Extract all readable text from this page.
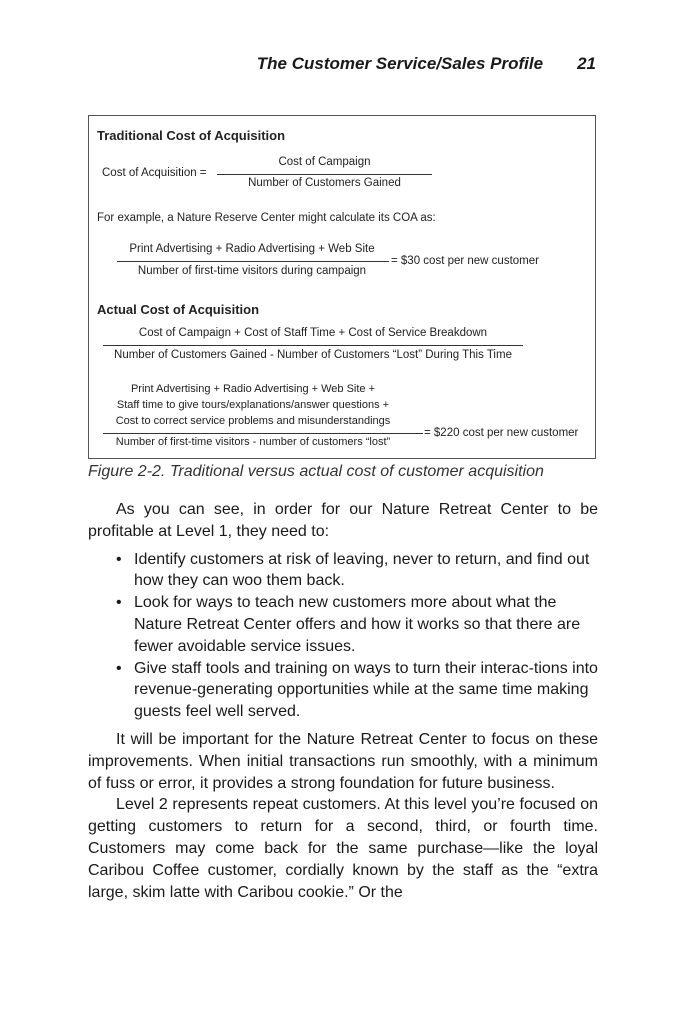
The Customer Service/Sales Profile 21
Traditional Cost of Acquisition
Cost of Acquisition =
Cost of Campaign
Number of Customers Gained
For example, a Nature Reserve Center might calculate its COA as:
Print Advertising + Radio Advertising + Web Site
Number of first-time visitors during campaign
= $30 cost per new customer
Actual Cost of Acquisition
Cost of Campaign + Cost of Staff Time + Cost of Service Breakdown
Number of Customers Gained - Number of Customers “Lost” During This Time
Print Advertising + Radio Advertising + Web Site +
Staff time to give tours/explanations/answer questions +
Cost to correct service problems and misunderstandings
Number of first-time visitors - number of customers “lost”
= $220 cost per new customer
Figure 2-2. Traditional versus actual cost of customer acquisition

As you can see, in order for our Nature Retreat Center to be profitable at Level 1, they need to:

• Identify customers at risk of leaving, never to return, and find out how they can woo them back.
• Look for ways to teach new customers more about what the Nature Retreat Center offers and how it works so that there are fewer avoidable service issues.
• Give staff tools and training on ways to turn their interac-tions into revenue-generating opportunities while at the same time making guests feel well served.

It will be important for the Nature Retreat Center to focus on these improvements. When initial transactions run smoothly, with a minimum of fuss or error, it provides a strong foundation for future business.

Level 2 represents repeat customers. At this level you’re focused on getting customers to return for a second, third, or fourth time. Customers may come back for the same purchase—like the loyal Caribou Coffee customer, cordially known by the staff as the “extra large, skim latte with Caribou cookie.” Or the
